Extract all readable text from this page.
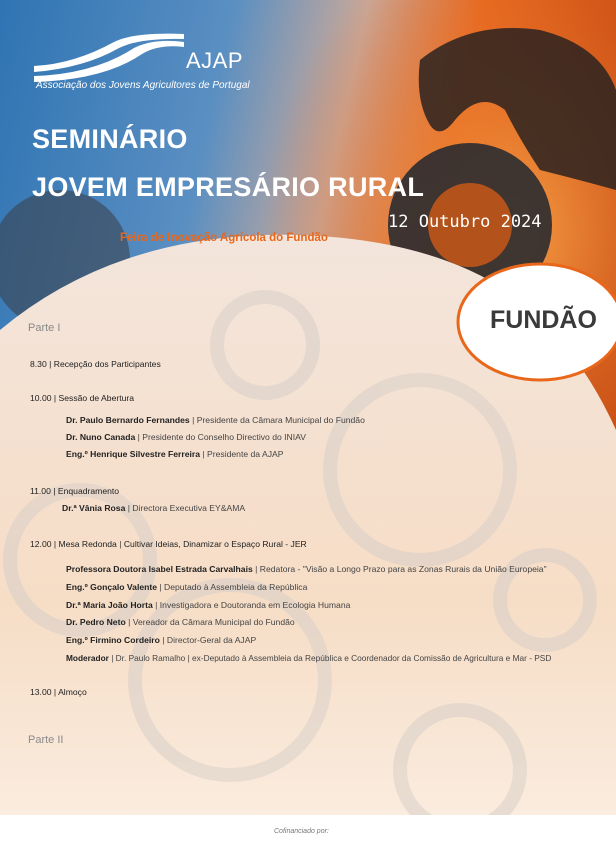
AJAP
Associação dos Jovens Agricultores de Portugal
SEMINÁRIO
JOVEM EMPRESÁRIO RURAL
12 Outubro 2024
Feira de Inovação Agrícola do Fundão
FUNDÃO
Parte I
8.30 | Recepção dos Participantes
10.00 | Sessão de Abertura
Dr. Paulo Bernardo Fernandes | Presidente da Câmara Municipal do Fundão
Dr. Nuno Canada | Presidente do Conselho Directivo do INIAV
Eng.º Henrique Silvestre Ferreira | Presidente da AJAP
11.00 | Enquadramento
Dr.ª Vânia Rosa | Directora Executiva EY&AMA
12.00 | Mesa Redonda | Cultivar Ideias, Dinamizar o Espaço Rural - JER
Professora Doutora Isabel Estrada Carvalhais | Redatora - "Visão a Longo Prazo para as Zonas Rurais da União Europeia"
Eng.º Gonçalo Valente | Deputado à Assembleia da República
Dr.ª Maria João Horta | Investigadora e Doutoranda em Ecologia Humana
Dr. Pedro Neto | Vereador da Câmara Municipal do Fundão
Eng.º Firmino Cordeiro | Director-Geral da AJAP
Moderador | Dr. Paulo Ramalho | ex-Deputado à Assembleia da República e Coordenador da Comissão de Agricultura e Mar - PSD
13.00 | Almoço
Parte II
Cofinanciado por:
